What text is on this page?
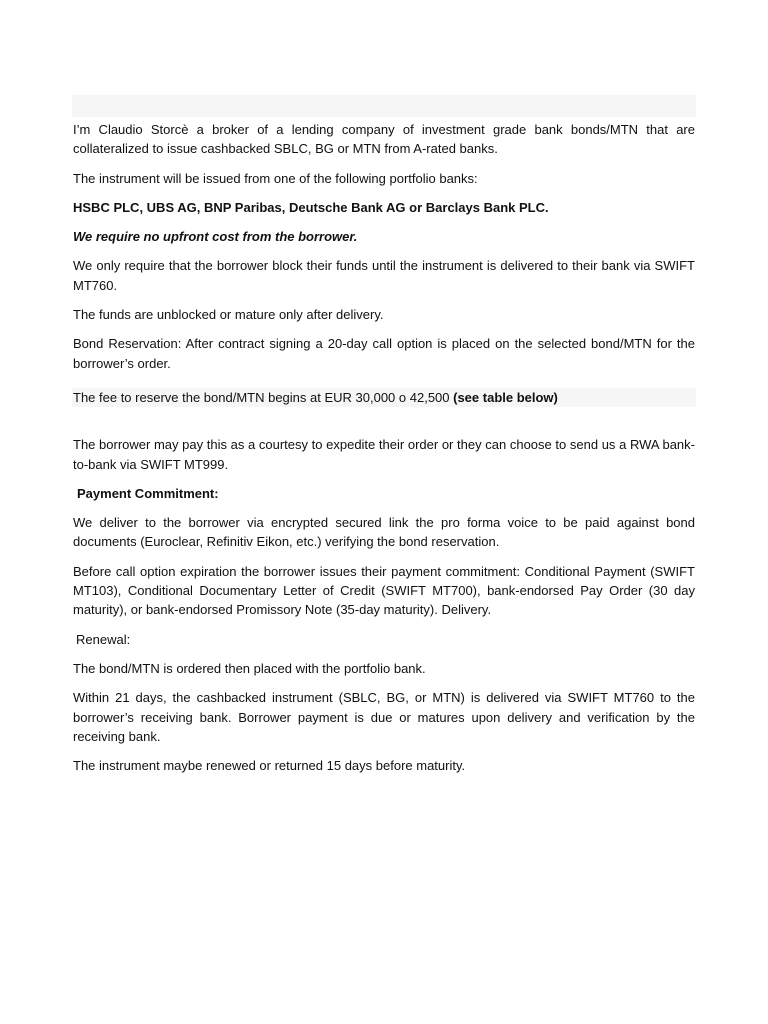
I’m Claudio Storcè a broker of a lending company of investment grade bank bonds/MTN that are collateralized to issue cashbacked SBLC, BG or MTN from A-rated banks.

The instrument will be issued from one of the following portfolio banks:

HSBC PLC, UBS AG, BNP Paribas, Deutsche Bank AG or Barclays Bank PLC.

We require no upfront cost from the borrower.

We only require that the borrower block their funds until the instrument is delivered to their bank via SWIFT MT760.

The funds are unblocked or mature only after delivery.

Bond Reservation: After contract signing a 20-day call option is placed on the selected bond/MTN for the borrower’s order.

The fee to reserve the bond/MTN begins at EUR 30,000 o 42,500 (see table below)

The borrower may pay this as a courtesy to expedite their order or they can choose to send us a RWA bank-to-bank via SWIFT MT999.

Payment Commitment:

We deliver to the borrower via encrypted secured link the pro forma voice to be paid against bond documents (Euroclear, Refinitiv Eikon, etc.) verifying the bond reservation.

Before call option expiration the borrower issues their payment commitment: Conditional Payment (SWIFT MT103), Conditional Documentary Letter of Credit (SWIFT MT700), bank-endorsed Pay Order (30 day maturity), or bank-endorsed Promissory Note (35-day maturity). Delivery.

Renewal:

The bond/MTN is ordered then placed with the portfolio bank.

Within 21 days, the cashbacked instrument (SBLC, BG, or MTN) is delivered via SWIFT MT760 to the borrower’s receiving bank. Borrower payment is due or matures upon delivery and verification by the receiving bank.

The instrument maybe renewed or returned 15 days before maturity.
